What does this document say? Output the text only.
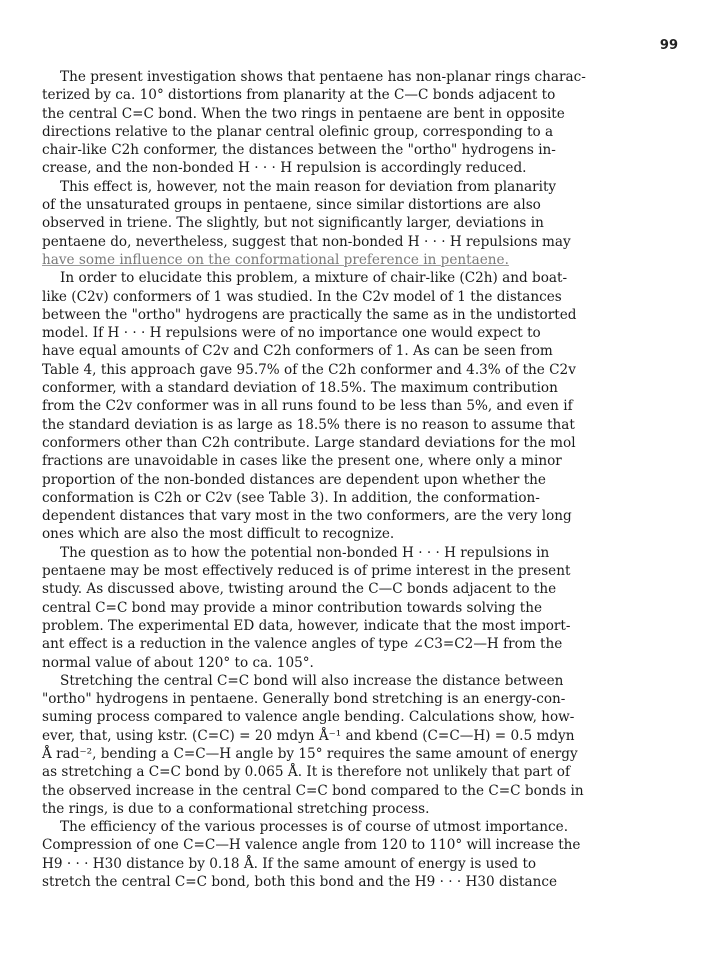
99
The present investigation shows that pentaene has non-planar rings charac-
terized by ca. 10° distortions from planarity at the C—C bonds adjacent to
the central C=C bond. When the two rings in pentaene are bent in opposite
directions relative to the planar central olefinic group, corresponding to a
chair-like C2h conformer, the distances between the "ortho" hydrogens in-
crease, and the non-bonded H · · · H repulsion is accordingly reduced.
This effect is, however, not the main reason for deviation from planarity
of the unsaturated groups in pentaene, since similar distortions are also
observed in triene. The slightly, but not significantly larger, deviations in
pentaene do, nevertheless, suggest that non-bonded H · · · H repulsions may
have some influence on the conformational preference in pentaene.
In order to elucidate this problem, a mixture of chair-like (C2h) and boat-
like (C2v) conformers of 1 was studied. In the C2v model of 1 the distances
between the "ortho" hydrogens are practically the same as in the undistorted
model. If H · · · H repulsions were of no importance one would expect to
have equal amounts of C2v and C2h conformers of 1. As can be seen from
Table 4, this approach gave 95.7% of the C2h conformer and 4.3% of the C2v
conformer, with a standard deviation of 18.5%. The maximum contribution
from the C2v conformer was in all runs found to be less than 5%, and even if
the standard deviation is as large as 18.5% there is no reason to assume that
conformers other than C2h contribute. Large standard deviations for the mol
fractions are unavoidable in cases like the present one, where only a minor
proportion of the non-bonded distances are dependent upon whether the
conformation is C2h or C2v (see Table 3). In addition, the conformation-
dependent distances that vary most in the two conformers, are the very long
ones which are also the most difficult to recognize.
The question as to how the potential non-bonded H · · · H repulsions in
pentaene may be most effectively reduced is of prime interest in the present
study. As discussed above, twisting around the C—C bonds adjacent to the
central C=C bond may provide a minor contribution towards solving the
problem. The experimental ED data, however, indicate that the most import-
ant effect is a reduction in the valence angles of type ∠C3=C2—H from the
normal value of about 120° to ca. 105°.
Stretching the central C=C bond will also increase the distance between
"ortho" hydrogens in pentaene. Generally bond stretching is an energy-con-
suming process compared to valence angle bending. Calculations show, how-
ever, that, using kstr. (C=C) = 20 mdyn Å⁻¹ and kbend (C=C—H) = 0.5 mdyn
Å rad⁻², bending a C=C—H angle by 15° requires the same amount of energy
as stretching a C=C bond by 0.065 Å. It is therefore not unlikely that part of
the observed increase in the central C=C bond compared to the C=C bonds in
the rings, is due to a conformational stretching process.
The efficiency of the various processes is of course of utmost importance.
Compression of one C=C—H valence angle from 120 to 110° will increase the
H9 · · · H30 distance by 0.18 Å. If the same amount of energy is used to
stretch the central C=C bond, both this bond and the H9 · · · H30 distance
